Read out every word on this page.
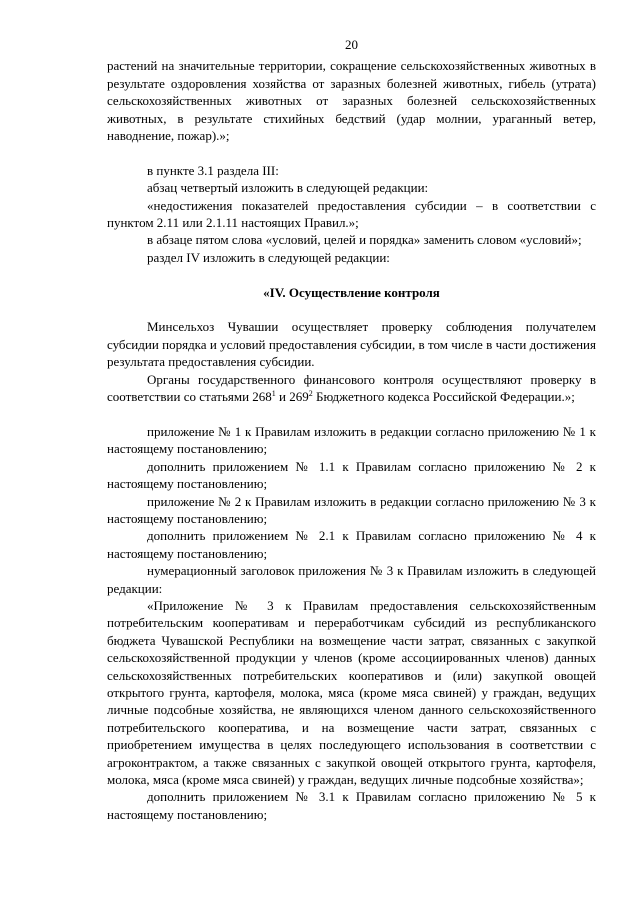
20

растений на значительные территории, сокращение сельскохозяйственных животных в результате оздоровления хозяйства от заразных болезней животных, гибель (утрата) сельскохозяйственных животных от заразных болезней сельскохозяйственных животных, в результате стихийных бедствий (удар молнии, ураганный ветер, наводнение, пожар).»;

в пункте 3.1 раздела III:

абзац четвертый изложить в следующей редакции:

«недостижения показателей предоставления субсидии – в соответствии с пунктом 2.11 или 2.1.11 настоящих Правил.»;

в абзаце пятом слова «условий, целей и порядка» заменить словом «условий»;

раздел IV изложить в следующей редакции:

«IV. Осуществление контроля

Минсельхоз Чувашии осуществляет проверку соблюдения получателем субсидии порядка и условий предоставления субсидии, в том числе в части достижения результата предоставления субсидии.

Органы государственного финансового контроля осуществляют проверку в соответствии со статьями $268^1$ и $269^2$ Бюджетного кодекса Российской Федерации.»;

приложение № 1 к Правилам изложить в редакции согласно приложению № 1 к настоящему постановлению;

дополнить приложением № 1.1 к Правилам согласно приложению № 2 к настоящему постановлению;

приложение № 2 к Правилам изложить в редакции согласно приложению № 3 к настоящему постановлению;

дополнить приложением № 2.1 к Правилам согласно приложению № 4 к настоящему постановлению;

нумерационный заголовок приложения № 3 к Правилам изложить в следующей редакции:

«Приложение № 3 к Правилам предоставления сельскохозяйственным потребительским кооперативам и переработчикам субсидий из республиканского бюджета Чувашской Республики на возмещение части затрат, связанных с закупкой сельскохозяйственной продукции у членов (кроме ассоциированных членов) данных сельскохозяйственных потребительских кооперативов и (или) закупкой овощей открытого грунта, картофеля, молока, мяса (кроме мяса свиней) у граждан, ведущих личные подсобные хозяйства, не являющихся членом данного сельскохозяйственного потребительского кооператива, и на возмещение части затрат, связанных с приобретением имущества в целях последующего использования в соответствии с агроконтрактом, а также связанных с закупкой овощей открытого грунта, картофеля, молока, мяса (кроме мяса свиней) у граждан, ведущих личные подсобные хозяйства»;

дополнить приложением № 3.1 к Правилам согласно приложению № 5 к настоящему постановлению;
